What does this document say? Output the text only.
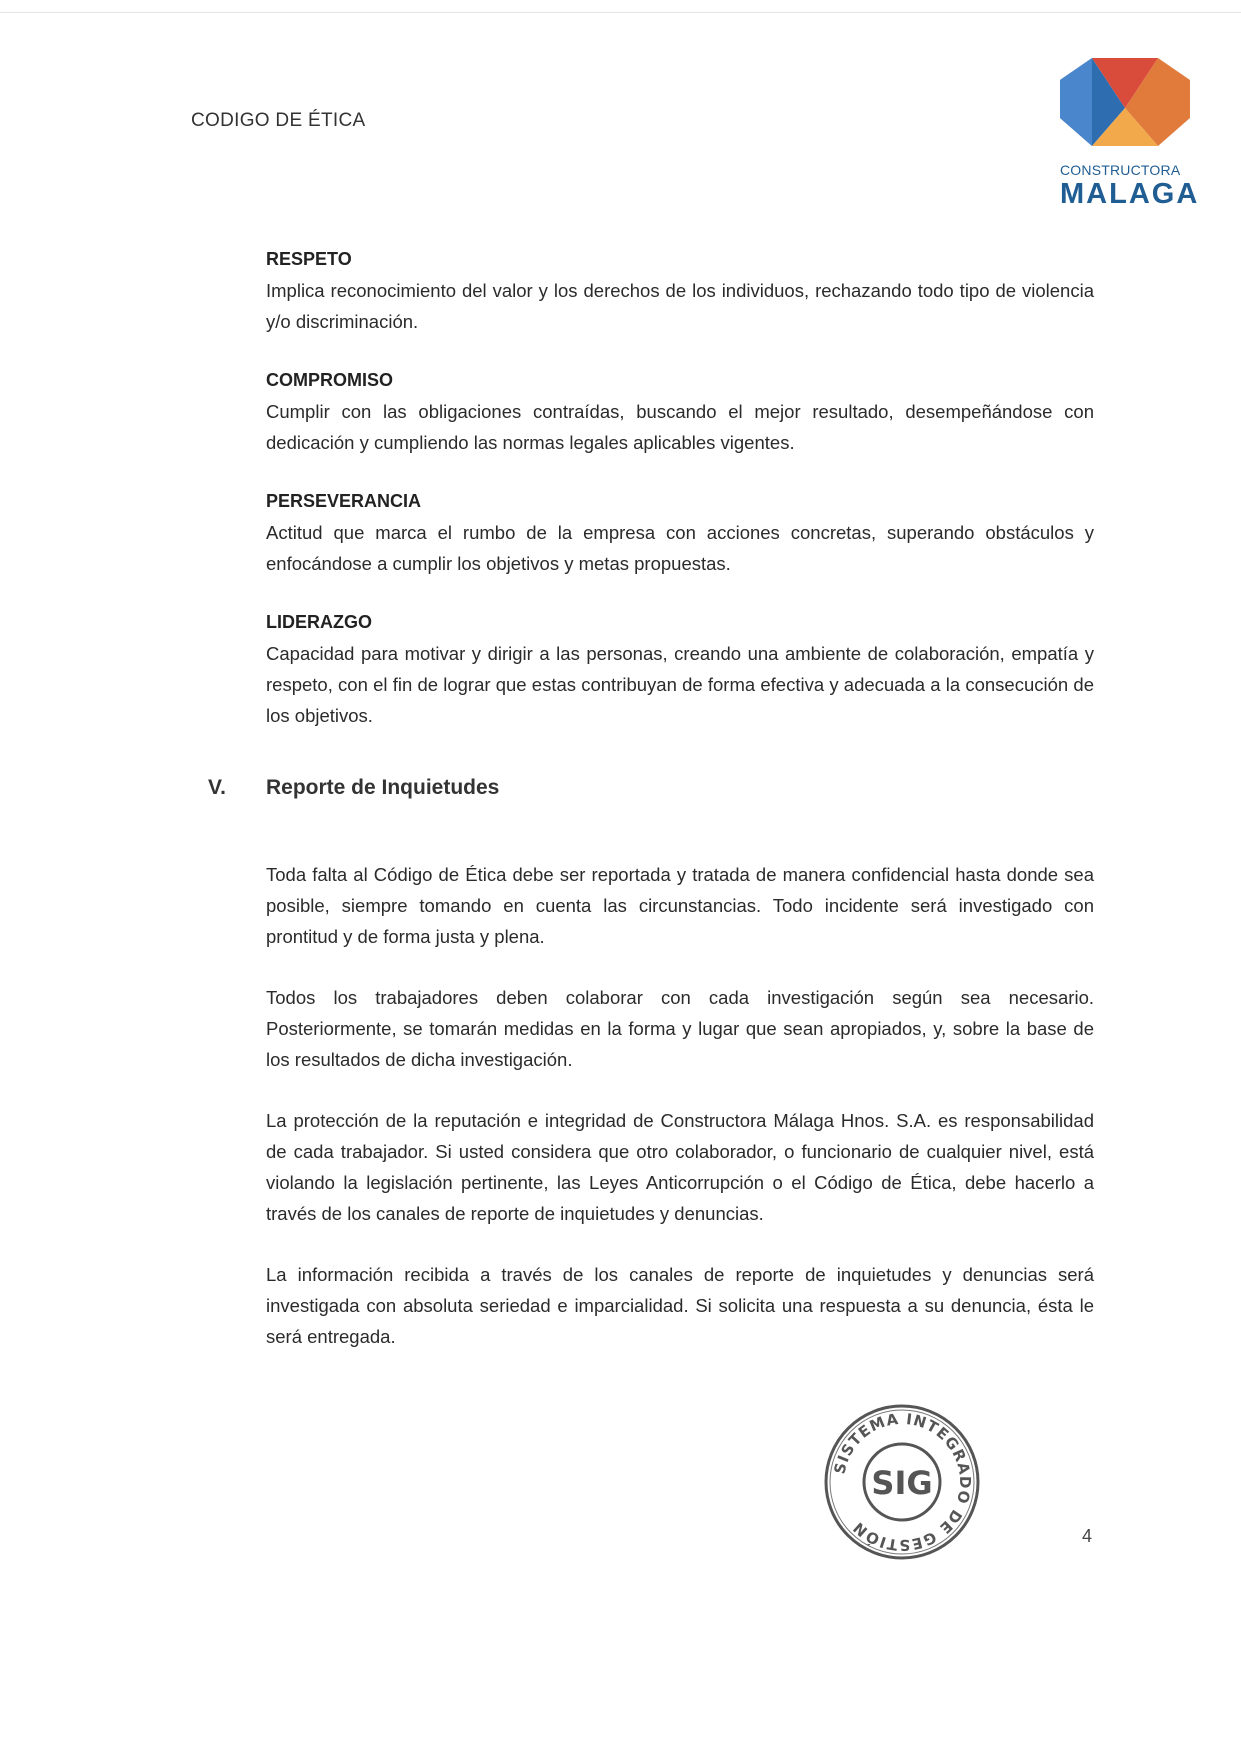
CODIGO DE ÉTICA
CONSTRUCTORA
MALAGA
RESPETO
Implica reconocimiento del valor y los derechos de los individuos, rechazando todo tipo de violencia y/o discriminación.
COMPROMISO
Cumplir con las obligaciones contraídas, buscando el mejor resultado, desempeñándose con dedicación y cumpliendo las normas legales aplicables vigentes.
PERSEVERANCIA
Actitud que marca el rumbo de la empresa con acciones concretas, superando obstáculos y enfocándose a cumplir los objetivos y metas propuestas.
LIDERAZGO
Capacidad para motivar y dirigir a las personas, creando una ambiente de colaboración, empatía y respeto, con el fin de lograr que estas contribuyan de forma efectiva y adecuada a la consecución de los objetivos.
V. Reporte de Inquietudes

Toda falta al Código de Ética debe ser reportada y tratada de manera confidencial hasta donde sea posible, siempre tomando en cuenta las circunstancias. Todo incidente será investigado con prontitud y de forma justa y plena.

Todos los trabajadores deben colaborar con cada investigación según sea necesario. Posteriormente, se tomarán medidas en la forma y lugar que sean apropiados, y, sobre la base de los resultados de dicha investigación.

La protección de la reputación e integridad de Constructora Málaga Hnos. S.A. es responsabilidad de cada trabajador. Si usted considera que otro colaborador, o funcionario de cualquier nivel, está violando la legislación pertinente, las Leyes Anticorrupción o el Código de Ética, debe hacerlo a través de los canales de reporte de inquietudes y denuncias.

La información recibida a través de los canales de reporte de inquietudes y denuncias será investigada con absoluta seriedad e imparcialidad. Si solicita una respuesta a su denuncia, ésta le será entregada.

SISTEMA INTEGRADO DE GESTIÓN
SIG
4
